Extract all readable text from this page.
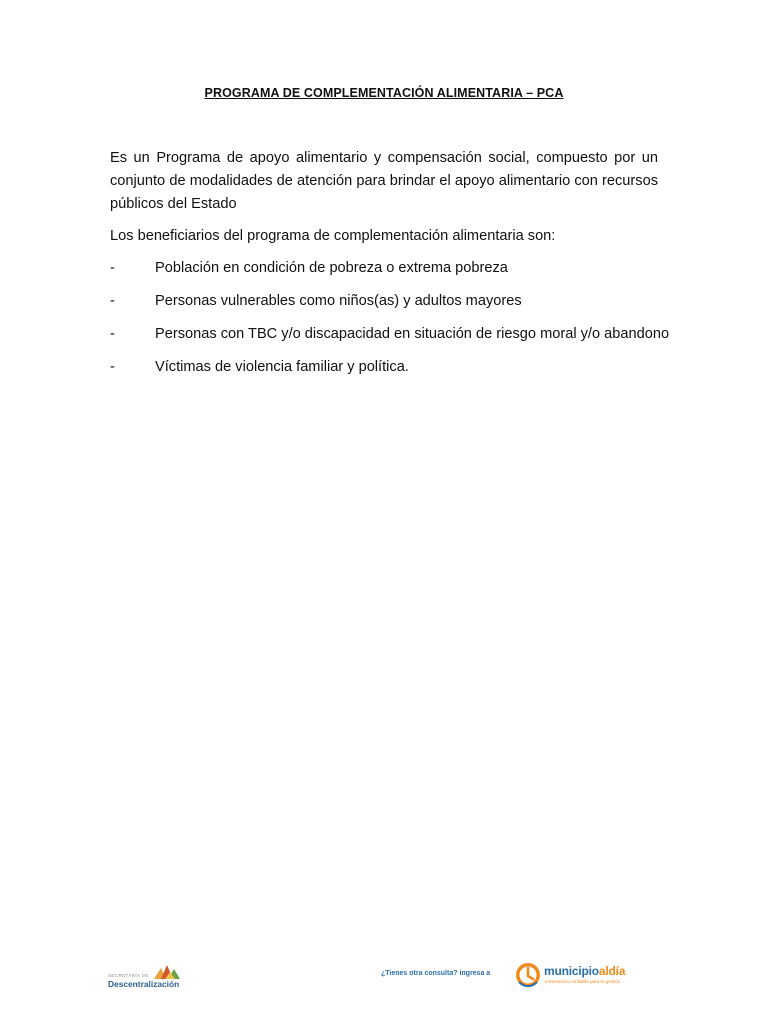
PROGRAMA DE COMPLEMENTACIÓN ALIMENTARIA – PCA

Es un Programa de apoyo alimentario y compensación social, compuesto por un conjunto de modalidades de atención para brindar el apoyo alimentario con recursos públicos del Estado

Los beneficiarios del programa de complementación alimentaria son:

-	Población en condición de pobreza o extrema pobreza
-	Personas vulnerables como niños(as) y adultos mayores
-	Personas con TBC y/o discapacidad en situación de riesgo moral y/o abandono
-	Víctimas de violencia familiar y política.
SECRETARÍA DE
Descentralización
¿Tienes otra consulta? ingresa a	municipioaldía
Información confiable para tu gestión
